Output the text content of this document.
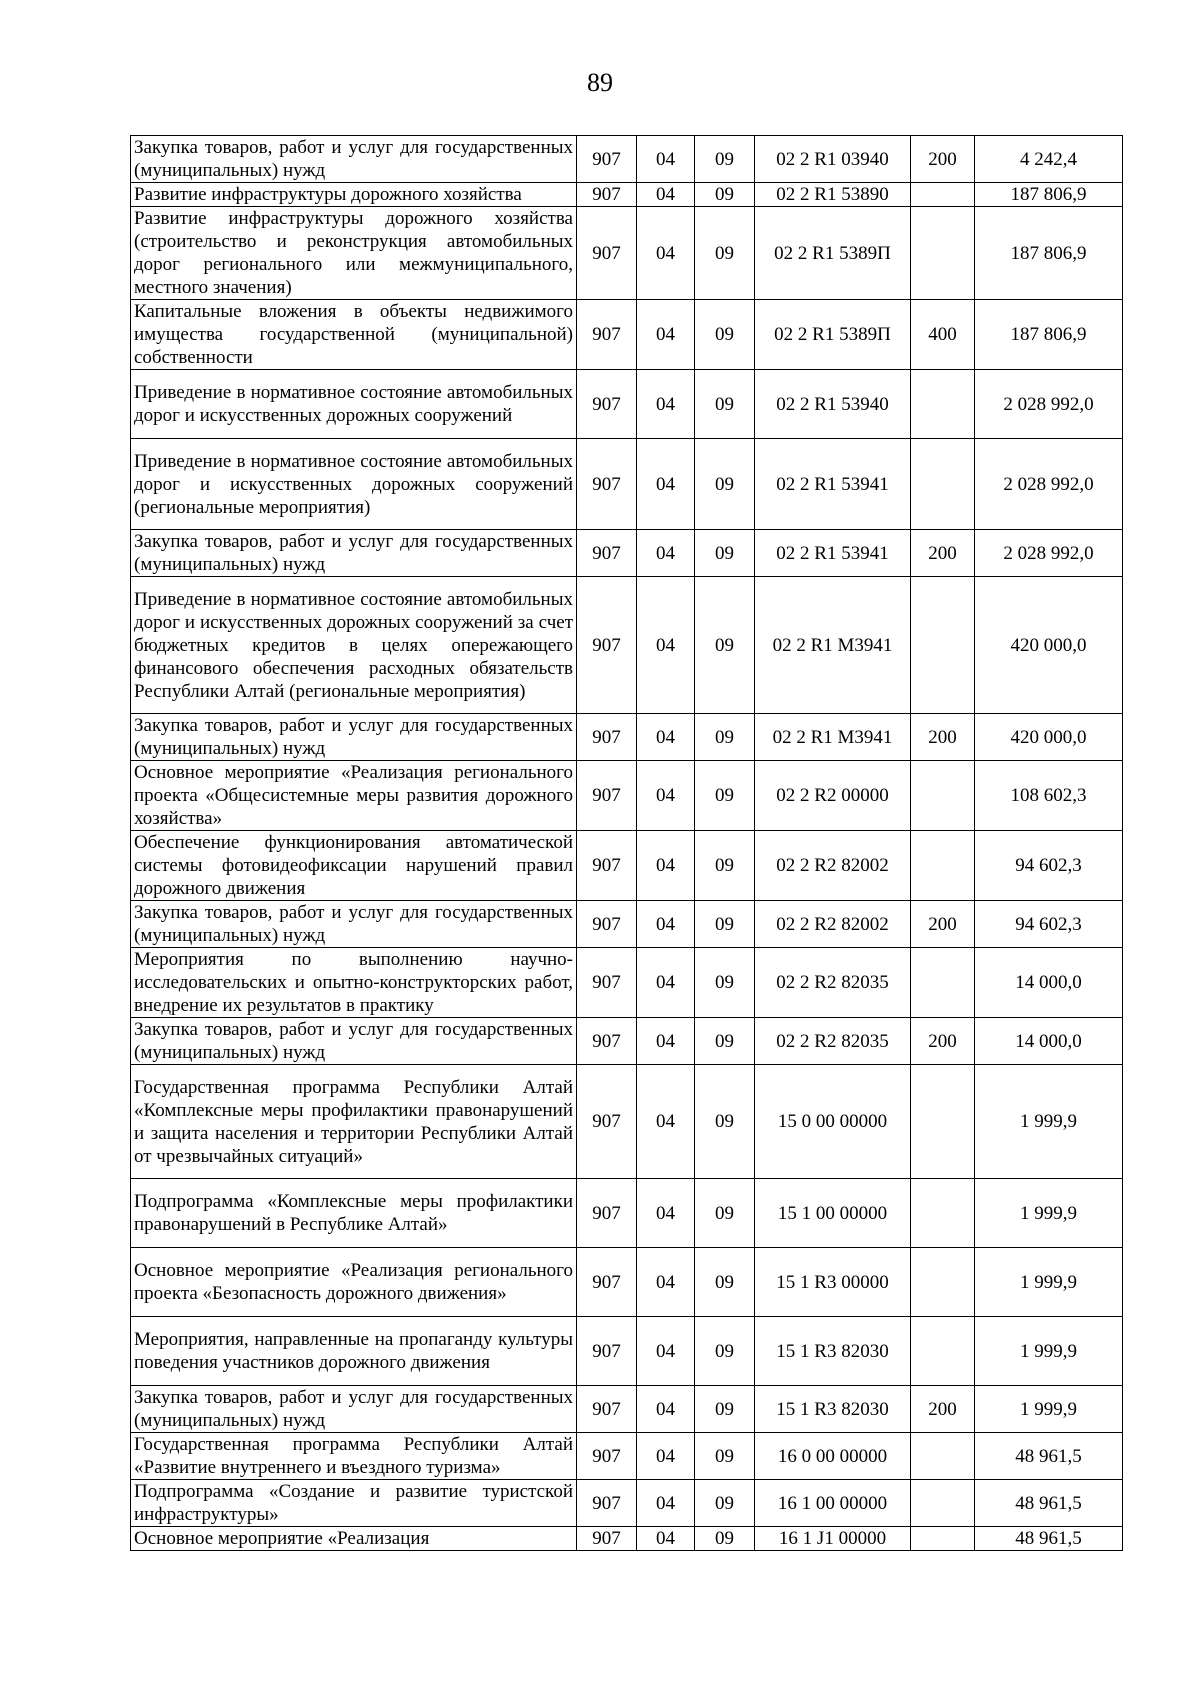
89
Закупка товаров, работ и услуг для государственных (муниципальных) нужд	907	04	09	02 2 R1 03940	200	4 242,4
Развитие инфраструктуры дорожного хозяйства	907	04	09	02 2 R1 53890		187 806,9
Развитие инфраструктуры дорожного хозяйства (строительство и реконструкция автомобильных дорог регионального или межмуниципального, местного значения)	907	04	09	02 2 R1 5389П		187 806,9
Капитальные вложения в объекты недвижимого имущества государственной (муниципальной) собственности	907	04	09	02 2 R1 5389П	400	187 806,9
Приведение в нормативное состояние автомобильных дорог и искусственных дорожных сооружений	907	04	09	02 2 R1 53940		2 028 992,0
Приведение в нормативное состояние автомобильных дорог и искусственных дорожных сооружений (региональные мероприятия)	907	04	09	02 2 R1 53941		2 028 992,0
Закупка товаров, работ и услуг для государственных (муниципальных) нужд	907	04	09	02 2 R1 53941	200	2 028 992,0
Приведение в нормативное состояние автомобильных дорог и искусственных дорожных сооружений за счет бюджетных кредитов в целях опережающего финансового обеспечения расходных обязательств Республики Алтай (региональные мероприятия)	907	04	09	02 2 R1 М3941		420 000,0
Закупка товаров, работ и услуг для государственных (муниципальных) нужд	907	04	09	02 2 R1 М3941	200	420 000,0
Основное мероприятие «Реализация регионального проекта «Общесистемные меры развития дорожного хозяйства»	907	04	09	02 2 R2 00000		108 602,3
Обеспечение функционирования автоматической системы фотовидеофиксации нарушений правил дорожного движения	907	04	09	02 2 R2 82002		94 602,3
Закупка товаров, работ и услуг для государственных (муниципальных) нужд	907	04	09	02 2 R2 82002	200	94 602,3
Мероприятия по выполнению научно-исследовательских и опытно-конструкторских работ, внедрение их результатов в практику	907	04	09	02 2 R2 82035		14 000,0
Закупка товаров, работ и услуг для государственных (муниципальных) нужд	907	04	09	02 2 R2 82035	200	14 000,0
Государственная программа Республики Алтай «Комплексные меры профилактики правонарушений и защита населения и территории Республики Алтай от чрезвычайных ситуаций»	907	04	09	15 0 00 00000		1 999,9
Подпрограмма «Комплексные меры профилактики правонарушений в Республике Алтай»	907	04	09	15 1 00 00000		1 999,9
Основное мероприятие «Реализация регионального проекта «Безопасность дорожного движения»	907	04	09	15 1 R3 00000		1 999,9
Мероприятия, направленные на пропаганду культуры поведения участников дорожного движения	907	04	09	15 1 R3 82030		1 999,9
Закупка товаров, работ и услуг для государственных (муниципальных) нужд	907	04	09	15 1 R3 82030	200	1 999,9
Государственная программа Республики Алтай «Развитие внутреннего и въездного туризма»	907	04	09	16 0 00 00000		48 961,5
Подпрограмма «Создание и развитие туристской инфраструктуры»	907	04	09	16 1 00 00000		48 961,5
Основное мероприятие «Реализация	907	04	09	16 1 J1 00000		48 961,5
